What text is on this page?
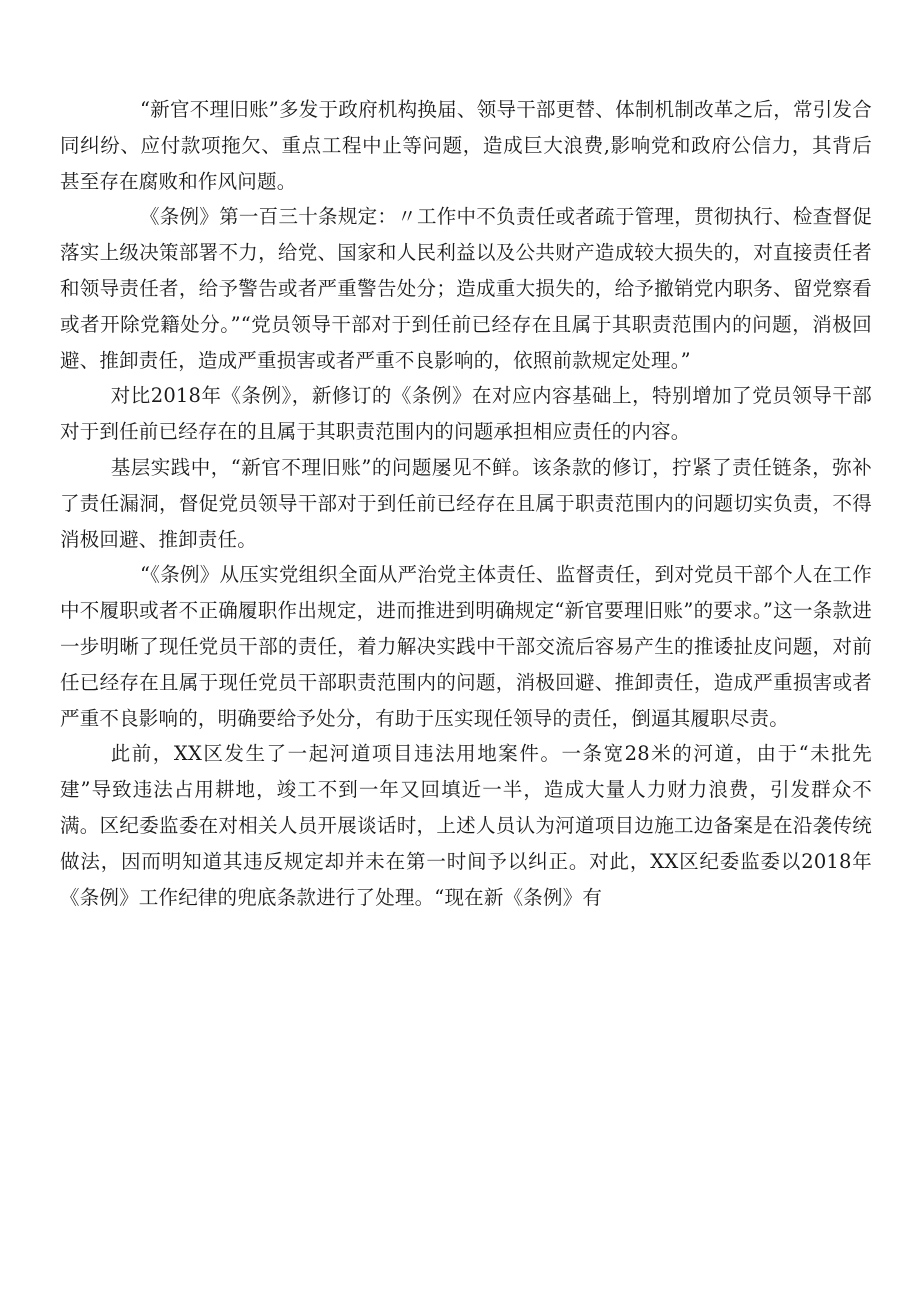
“新官不理旧账”多发于政府机构换届、领导干部更替、体制机制改革之后，常引发合同纠纷、应付款项拖欠、重点工程中止等问题，造成巨大浪费,影响党和政府公信力，其背后甚至存在腐败和作风问题。

《条例》第一百三十条规定：〃工作中不负责任或者疏于管理，贯彻执行、检查督促落实上级决策部署不力，给党、国家和人民利益以及公共财产造成较大损失的，对直接责任者和领导责任者，给予警告或者严重警告处分；造成重大损失的，给予撤销党内职务、留党察看或者开除党籍处分。”“党员领导干部对于到任前已经存在且属于其职责范围内的问题，消极回避、推卸责任，造成严重损害或者严重不良影响的，依照前款规定处理。”

对比2018年《条例》，新修订的《条例》在对应内容基础上，特别增加了党员领导干部对于到任前已经存在的且属于其职责范围内的问题承担相应责任的内容。

基层实践中，“新官不理旧账”的问题屡见不鲜。该条款的修订，拧紧了责任链条，弥补了责任漏洞，督促党员领导干部对于到任前已经存在且属于职责范围内的问题切实负责，不得消极回避、推卸责任。

“《条例》从压实党组织全面从严治党主体责任、监督责任，到对党员干部个人在工作中不履职或者不正确履职作出规定，进而推进到明确规定“新官要理旧账”的要求。”这一条款进一步明晰了现任党员干部的责任，着力解决实践中干部交流后容易产生的推诿扯皮问题，对前任已经存在且属于现任党员干部职责范围内的问题，消极回避、推卸责任，造成严重损害或者严重不良影响的，明确要给予处分，有助于压实现任领导的责任，倒逼其履职尽责。

此前，XX区发生了一起河道项目违法用地案件。一条宽28米的河道，由于“未批先建”导致违法占用耕地，竣工不到一年又回填近一半，造成大量人力财力浪费，引发群众不满。区纪委监委在对相关人员开展谈话时，上述人员认为河道项目边施工边备案是在沿袭传统做法，因而明知道其违反规定却并未在第一时间予以纠正。对此，XX区纪委监委以2018年《条例》工作纪律的兜底条款进行了处理。“现在新《条例》有
